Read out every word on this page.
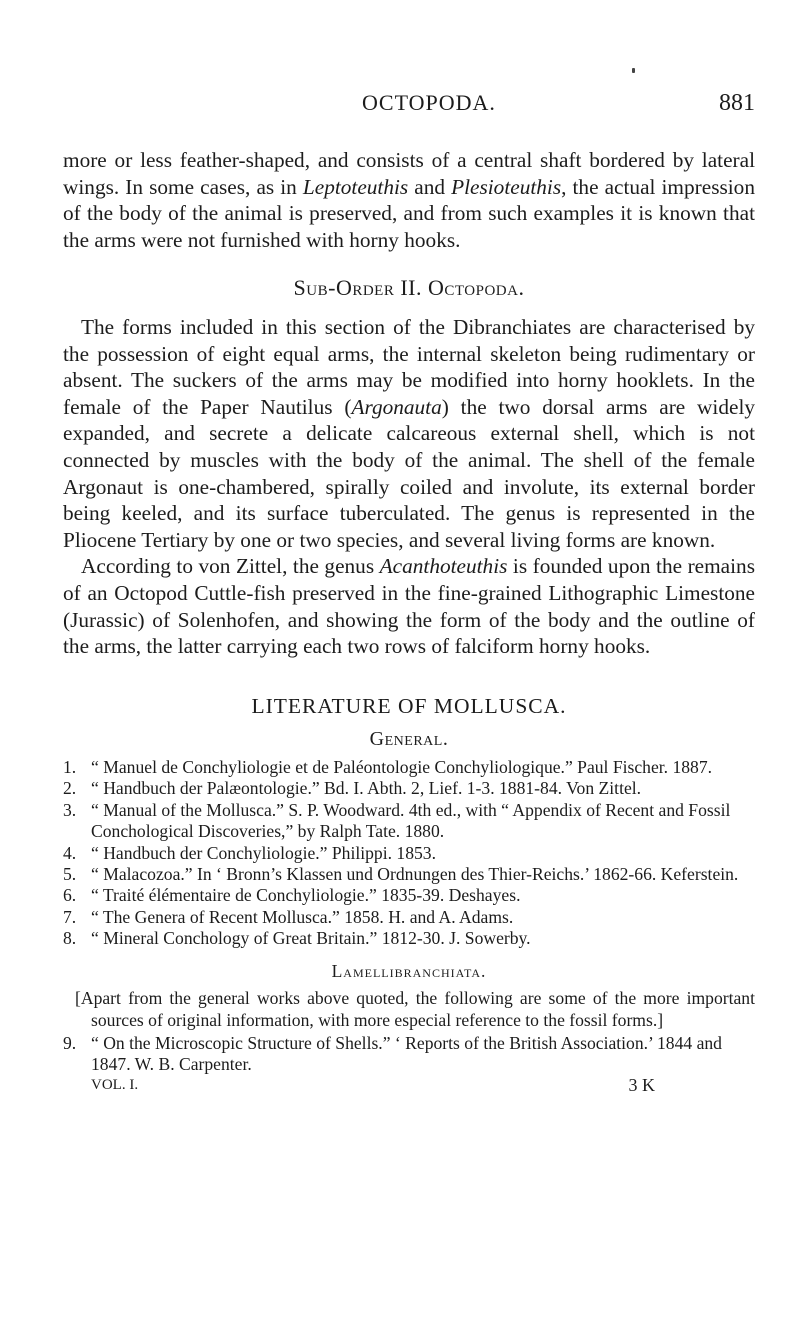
OCTOPODA.	881

more or less feather-shaped, and consists of a central shaft bordered by lateral wings. In some cases, as in Leptoteuthis and Plesioteuthis, the actual impression of the body of the animal is preserved, and from such examples it is known that the arms were not furnished with horny hooks.

Sub-Order II. Octopoda.

The forms included in this section of the Dibranchiates are characterised by the possession of eight equal arms, the internal skeleton being rudimentary or absent. The suckers of the arms may be modified into horny hooklets. In the female of the Paper Nautilus (Argonauta) the two dorsal arms are widely expanded, and secrete a delicate calcareous external shell, which is not connected by muscles with the body of the animal. The shell of the female Argonaut is one-chambered, spirally coiled and involute, its external border being keeled, and its surface tuberculated. The genus is represented in the Pliocene Tertiary by one or two species, and several living forms are known.

According to von Zittel, the genus Acanthoteuthis is founded upon the remains of an Octopod Cuttle-fish preserved in the fine-grained Lithographic Limestone (Jurassic) of Solenhofen, and showing the form of the body and the outline of the arms, the latter carrying each two rows of falciform horny hooks.

LITERATURE OF MOLLUSCA.
General.
1. “ Manuel de Conchyliologie et de Paléontologie Conchyliologique.” Paul Fischer. 1887.
2. “ Handbuch der Palæontologie.” Bd. I. Abth. 2, Lief. 1-3. 1881-84. Von Zittel.
3. “ Manual of the Mollusca.” S. P. Woodward. 4th ed., with “ Appendix of Recent and Fossil Conchological Discoveries,” by Ralph Tate. 1880.
4. “ Handbuch der Conchyliologie.” Philippi. 1853.
5. “ Malacozoa.” In ‘ Bronn’s Klassen und Ordnungen des Thier-Reichs.’ 1862-66. Keferstein.
6. “ Traité élémentaire de Conchyliologie.” 1835-39. Deshayes.
7. “ The Genera of Recent Mollusca.” 1858. H. and A. Adams.
8. “ Mineral Conchology of Great Britain.” 1812-30. J. Sowerby.
Lamellibranchiata.
[Apart from the general works above quoted, the following are some of the more important sources of original information, with more especial reference to the fossil forms.]
9. “ On the Microscopic Structure of Shells.” ‘ Reports of the British Association.’ 1844 and 1847. W. B. Carpenter.
VOL. I.	3 K
